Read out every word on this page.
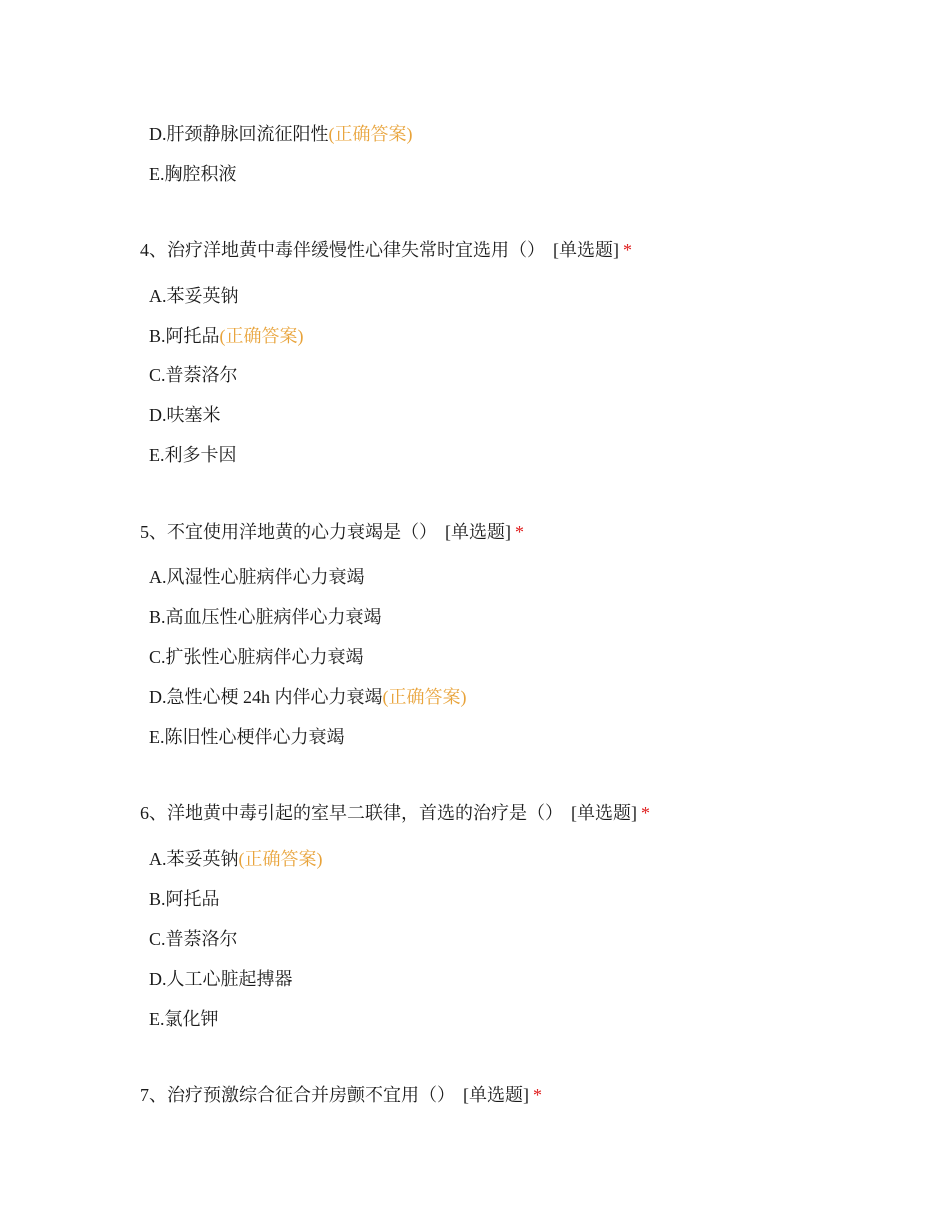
D.肝颈静脉回流征阳性(正确答案)
E.胸腔积液
4、治疗洋地黄中毒伴缓慢性心律失常时宜选用（） [单选题] *
A.苯妥英钠
B.阿托品(正确答案)
C.普萘洛尔
D.呋塞米
E.利多卡因
5、不宜使用洋地黄的心力衰竭是（） [单选题] *
A.风湿性心脏病伴心力衰竭
B.高血压性心脏病伴心力衰竭
C.扩张性心脏病伴心力衰竭
D.急性心梗 24h 内伴心力衰竭(正确答案)
E.陈旧性心梗伴心力衰竭
6、洋地黄中毒引起的室早二联律，首选的治疗是（） [单选题] *
A.苯妥英钠(正确答案)
B.阿托品
C.普萘洛尔
D.人工心脏起搏器
E.氯化钾
7、治疗预激综合征合并房颤不宜用（） [单选题] *
